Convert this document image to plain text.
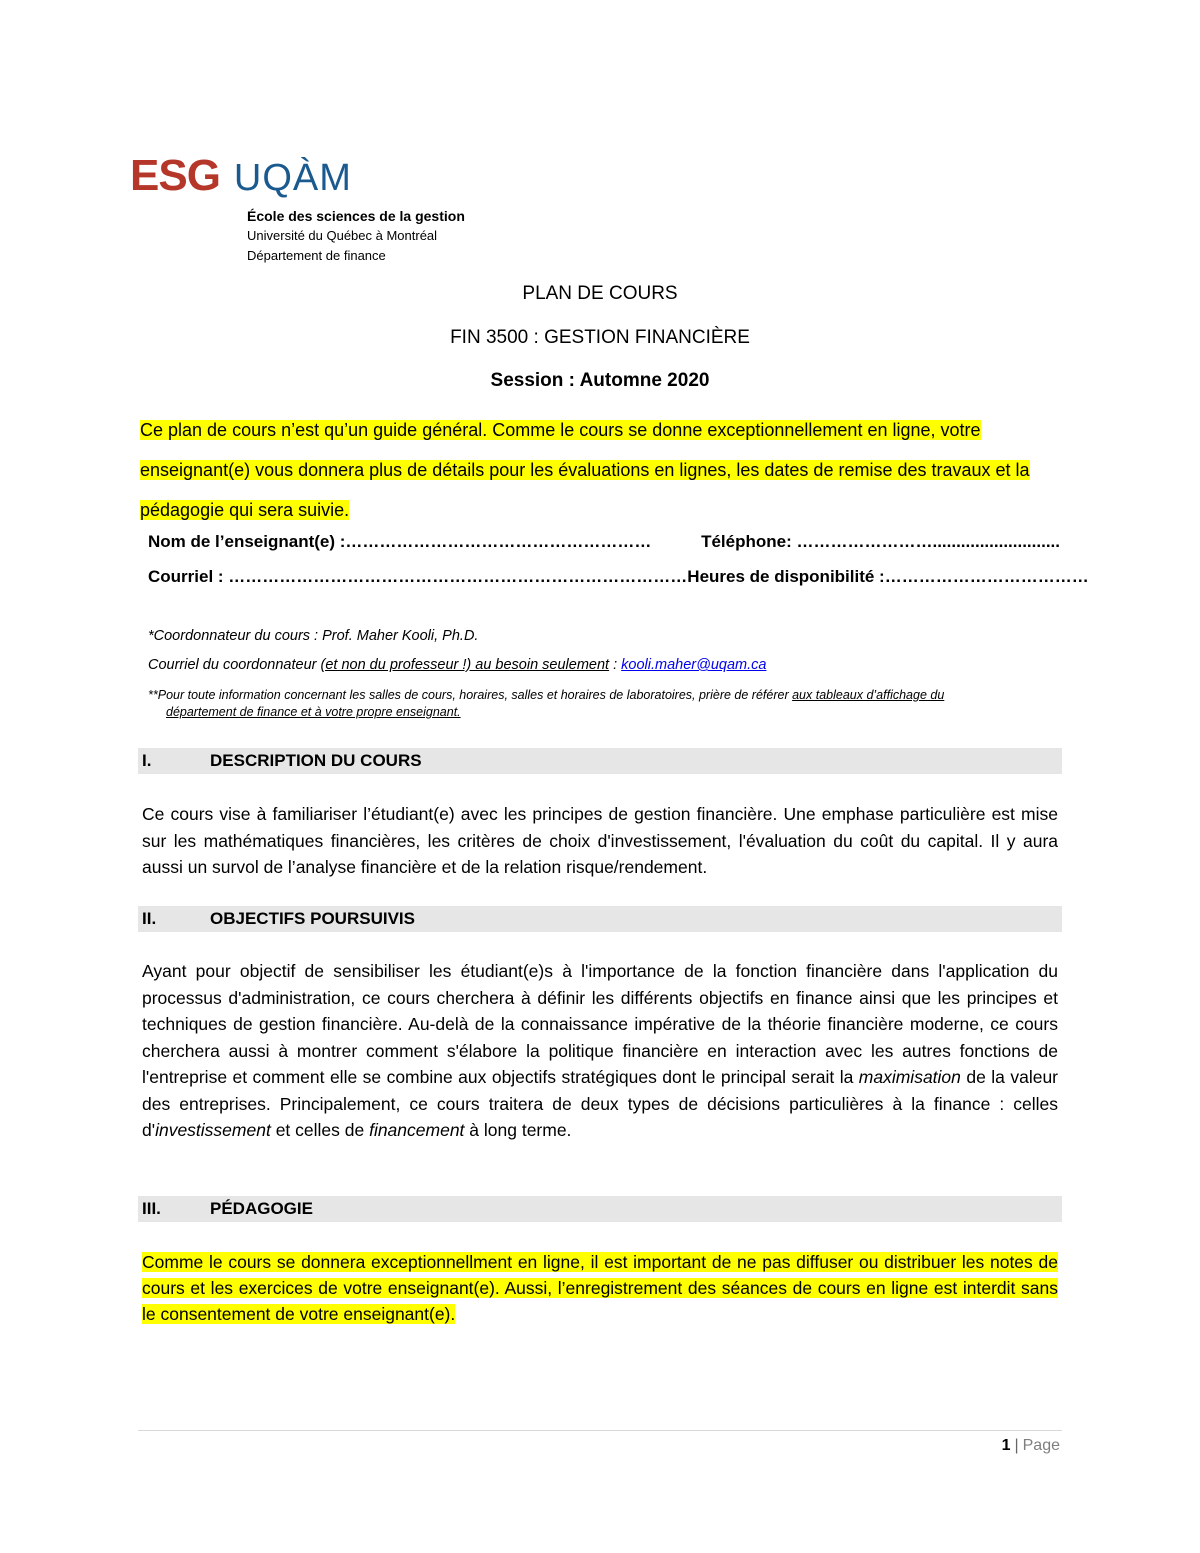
ESG UQÀM
École des sciences de la gestion
Université du Québec à Montréal
Département de finance
PLAN DE COURS
FIN 3500 : GESTION FINANCIÈRE
Session : Automne 2020
Ce plan de cours n’est qu’un guide général. Comme le cours se donne exceptionnellement en ligne, votre enseignant(e) vous donnera plus de détails pour les évaluations en lignes, les dates de remise des travaux et la pédagogie qui sera suivie.
Nom de l’enseignant(e) :………………………………………………	Téléphone: ……………………...........................
Courriel : ……………………………………………………………………… Heures de disponibilité :………………………………
*Coordonnateur du cours : Prof. Maher Kooli, Ph.D.
Courriel du coordonnateur (et non du professeur !) au besoin seulement : kooli.maher@uqam.ca
**Pour toute information concernant les salles de cours, horaires, salles et horaires de laboratoires, prière de référer aux tableaux d’affichage du
département de finance et à votre propre enseignant.
I.	DESCRIPTION DU COURS
Ce cours vise à familiariser l’étudiant(e) avec les principes de gestion financière. Une emphase particulière est mise sur les mathématiques financières, les critères de choix d'investissement, l'évaluation du coût du capital. Il y aura aussi un survol de l’analyse financière et de la relation risque/rendement.
II.	OBJECTIFS POURSUIVIS
Ayant pour objectif de sensibiliser les étudiant(e)s à l'importance de la fonction financière dans l'application du processus d'administration, ce cours cherchera à définir les différents objectifs en finance ainsi que les principes et techniques de gestion financière. Au-delà de la connaissance impérative de la théorie financière moderne, ce cours cherchera aussi à montrer comment s'élabore la politique financière en interaction avec les autres fonctions de l'entreprise et comment elle se combine aux objectifs stratégiques dont le principal serait la maximisation de la valeur des entreprises. Principalement, ce cours traitera de deux types de décisions particulières à la finance : celles d'investissement et celles de financement à long terme.
III.	PÉDAGOGIE
Comme le cours se donnera exceptionnellment en ligne, il est important de ne pas diffuser ou distribuer les notes de cours et les exercices de votre enseignant(e). Aussi, l’enregistrement des séances de cours en ligne est interdit sans le consentement de votre enseignant(e).
1 | Page
